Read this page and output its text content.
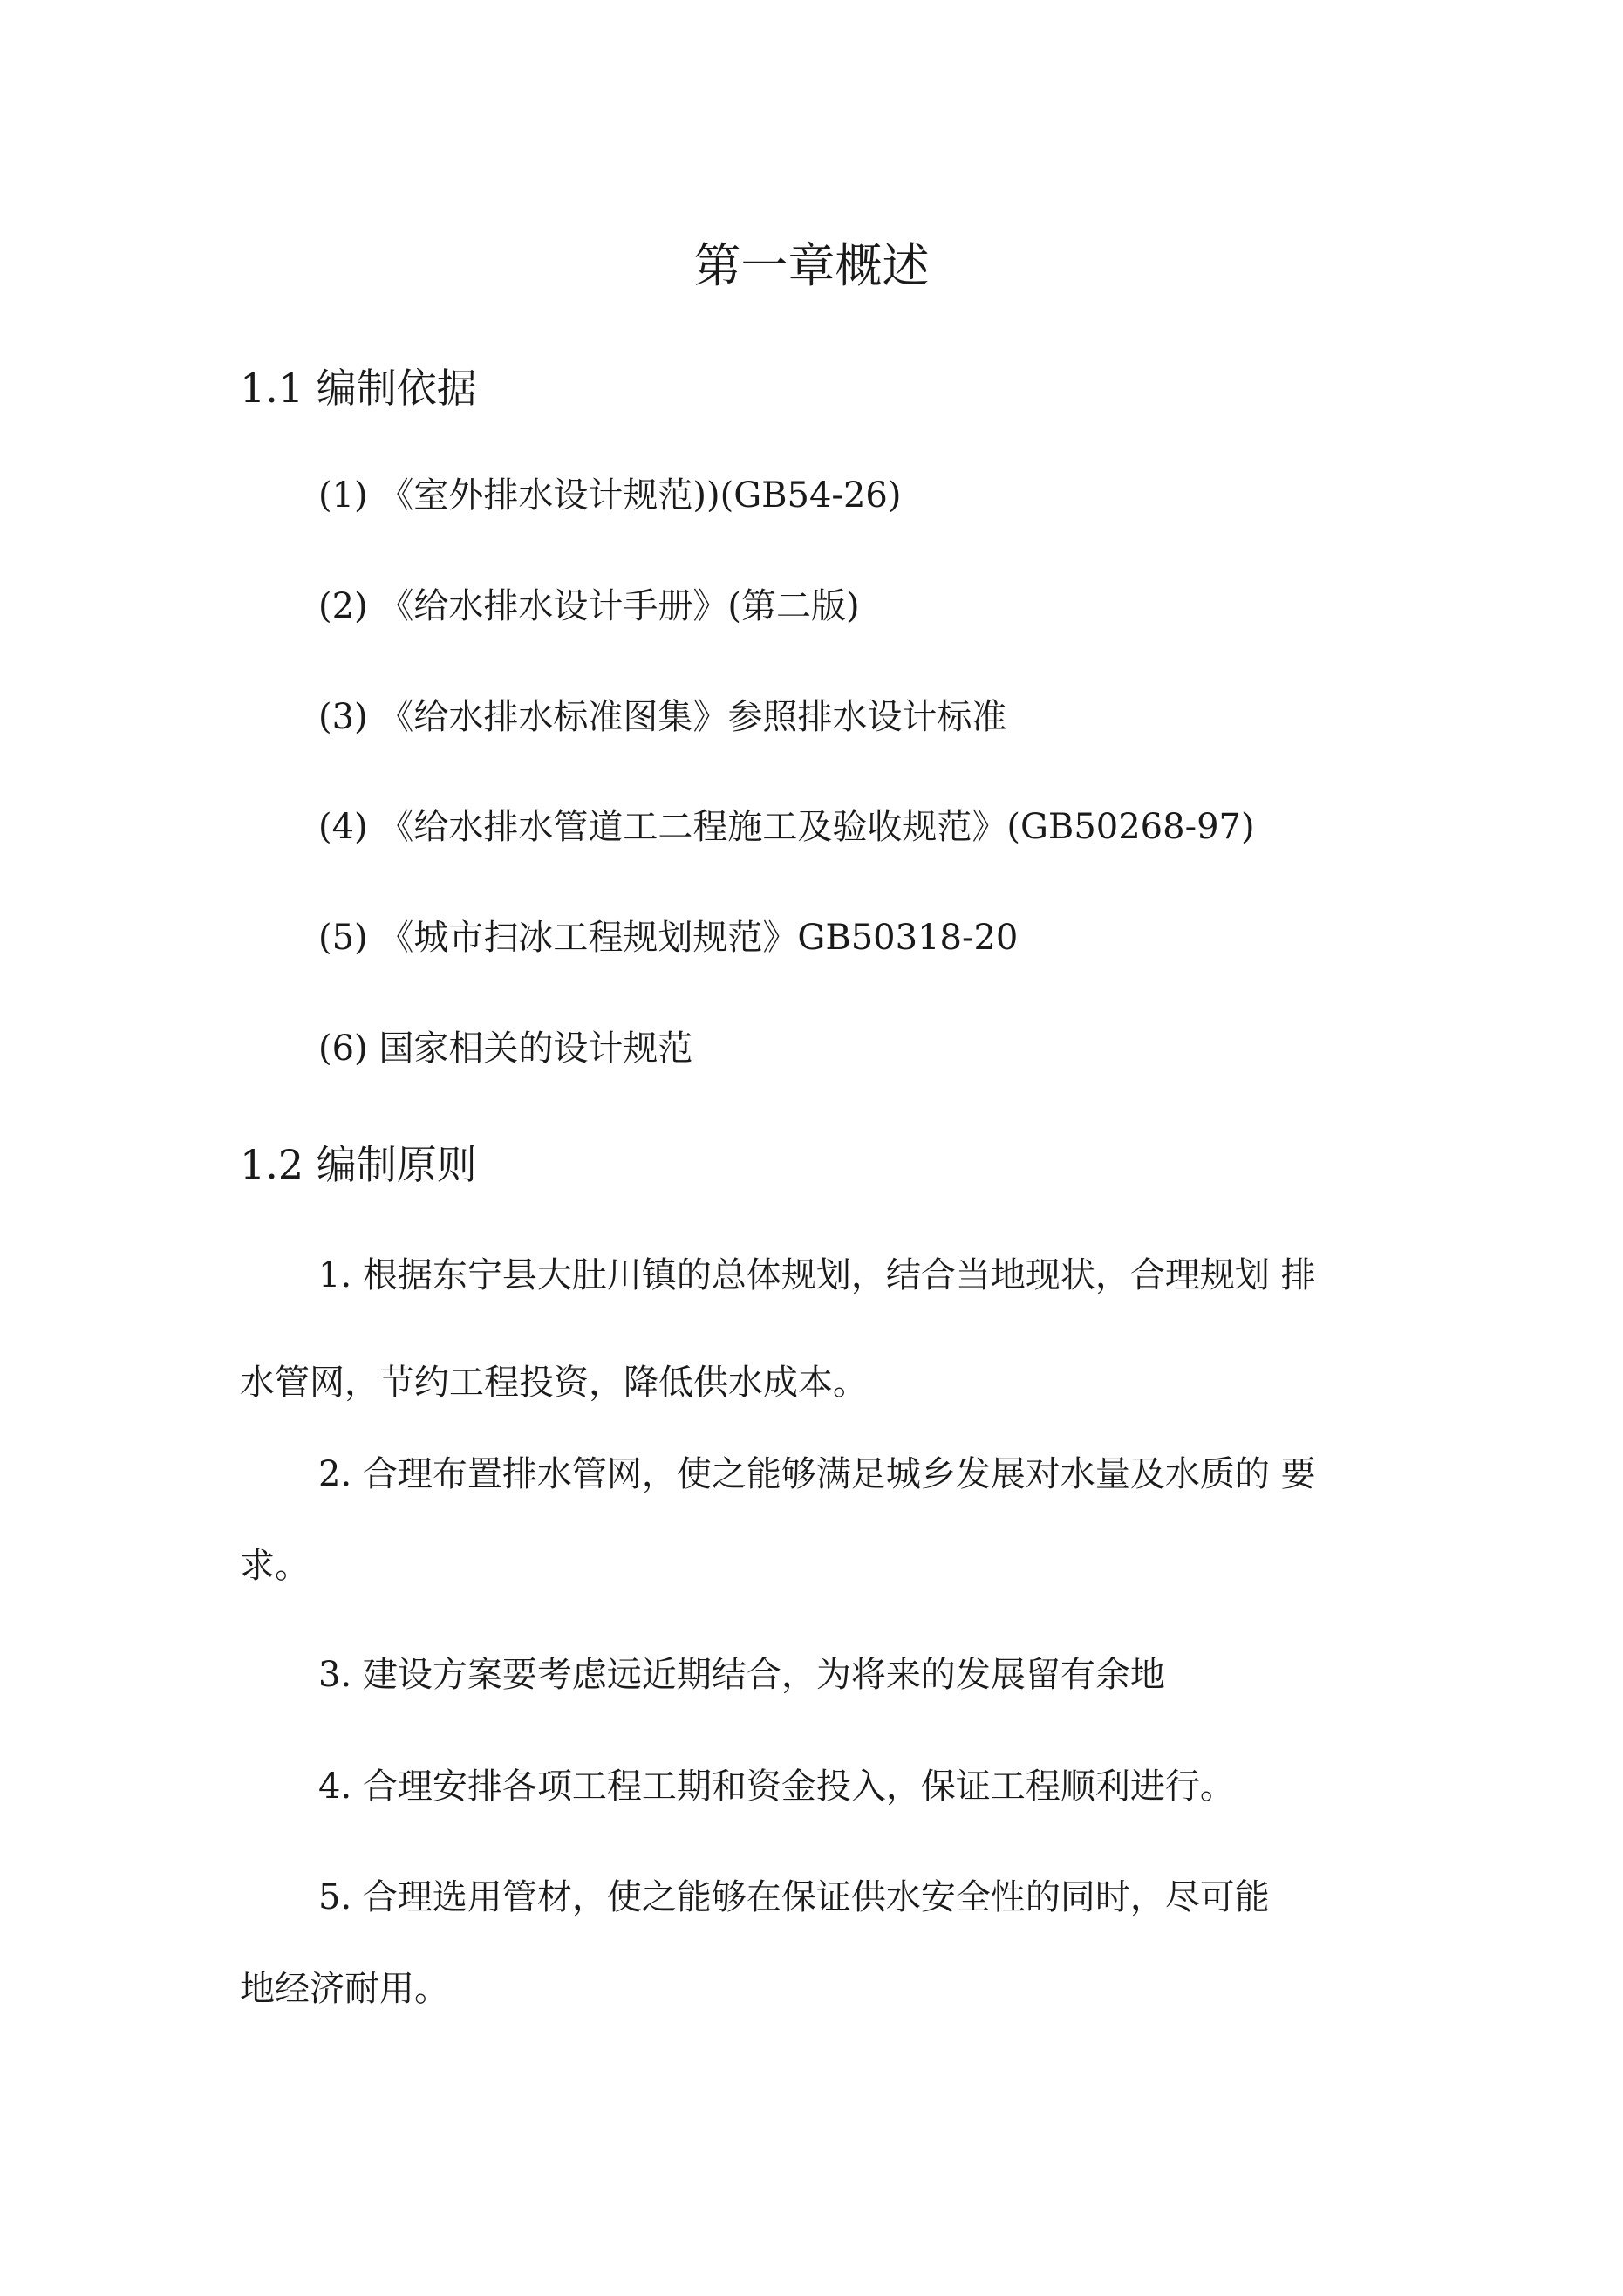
第一章概述
1.1 编制依据
(1) 《室外排水设计规范))(GB54-26)
(2) 《给水排水设计手册》(第二版)
(3) 《给水排水标准图集》参照排水设计标准
(4) 《给水排水管道工二程施工及验收规范》(GB50268-97)
(5) 《城市扫冰工程规划规范》GB50318-20
(6) 国家相关的设计规范
1.2 编制原则
1. 根据东宁县大肚川镇的总体规划，结合当地现状，合理规划 排
水管网，节约工程投资，降低供水成本。
2. 合理布置排水管网，使之能够满足城乡发展对水量及水质的 要
求。
3. 建设方案要考虑远近期结合，为将来的发展留有余地
4. 合理安排各项工程工期和资金投入，保证工程顺利进行。
5. 合理选用管材，使之能够在保证供水安全性的同时，尽可能
地经济耐用。
